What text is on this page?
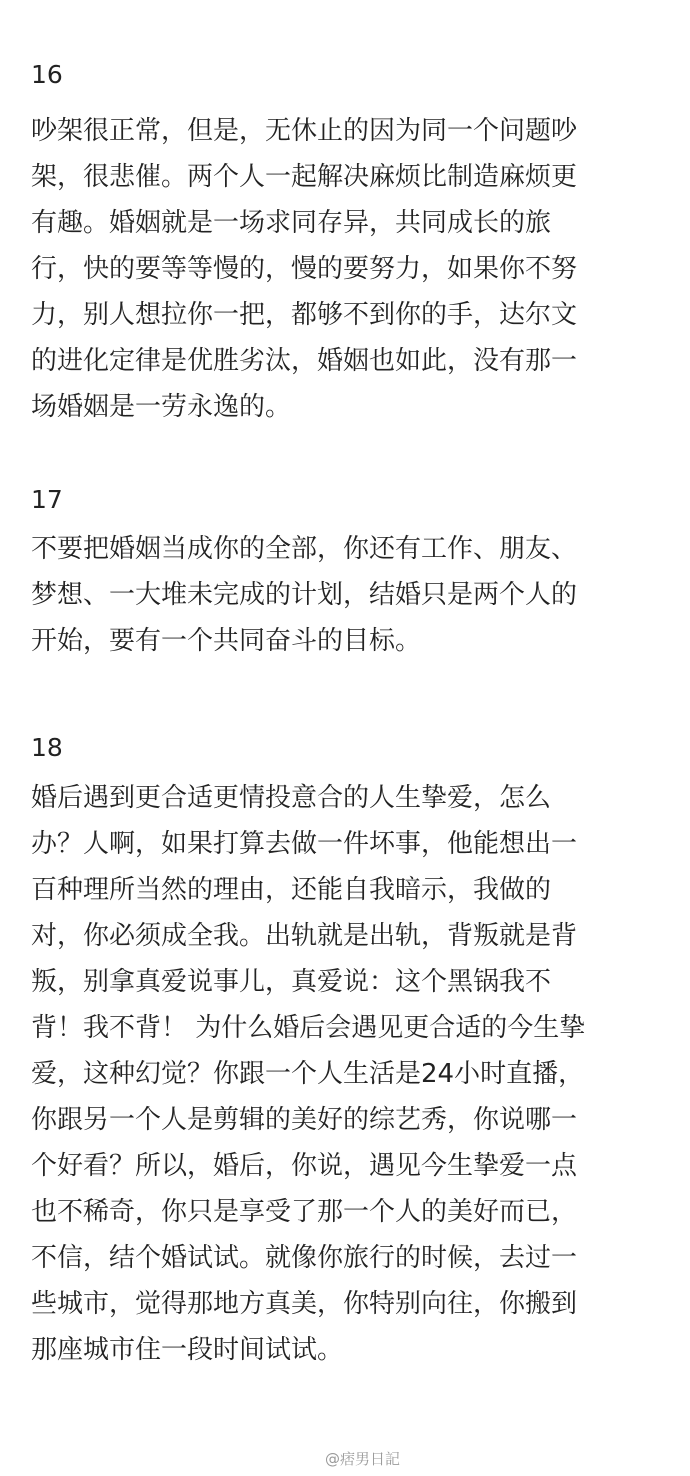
16
吵架很正常，但是，无休止的因为同一个问题吵
架，很悲催。两个人一起解决麻烦比制造麻烦更
有趣。婚姻就是一场求同存异，共同成长的旅
行，快的要等等慢的，慢的要努力，如果你不努
力，别人想拉你一把，都够不到你的手，达尔文
的进化定律是优胜劣汰，婚姻也如此，没有那一
场婚姻是一劳永逸的。
17
不要把婚姻当成你的全部，你还有工作、朋友、
梦想、一大堆未完成的计划，结婚只是两个人的
开始，要有一个共同奋斗的目标。
18
婚后遇到更合适更情投意合的人生挚爱，怎么
办？人啊，如果打算去做一件坏事，他能想出一
百种理所当然的理由，还能自我暗示，我做的
对，你必须成全我。出轨就是出轨，背叛就是背
叛，别拿真爱说事儿，真爱说：这个黑锅我不
背！我不背！ 为什么婚后会遇见更合适的今生挚
爱，这种幻觉？你跟一个人生活是24小时直播，
你跟另一个人是剪辑的美好的综艺秀，你说哪一
个好看？所以，婚后，你说，遇见今生挚爱一点
也不稀奇，你只是享受了那一个人的美好而已，
不信，结个婚试试。就像你旅行的时候，去过一
些城市，觉得那地方真美，你特别向往，你搬到
那座城市住一段时间试试。
@痞男日記
